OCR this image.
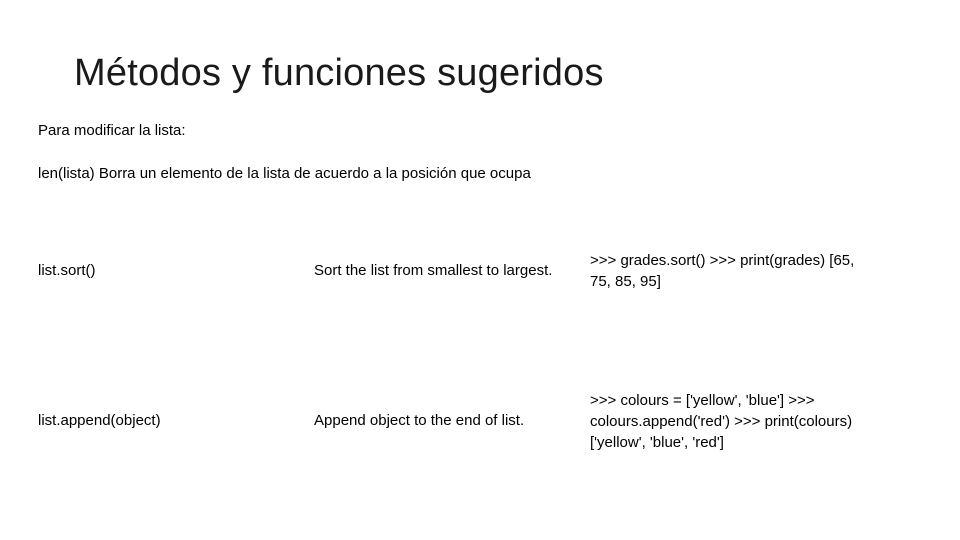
Métodos y funciones sugeridos
Para modificar la lista:
len(lista) Borra un elemento de la lista de acuerdo a la posición que ocupa
list.sort()	Sort the list from smallest to largest.
>>> grades.sort() >>> print(grades) [65, 75, 85, 95]
list.append(object)	Append object to the end of list.
>>> colours = ['yellow', 'blue'] >>> colours.append('red') >>> print(colours) ['yellow', 'blue', 'red']
